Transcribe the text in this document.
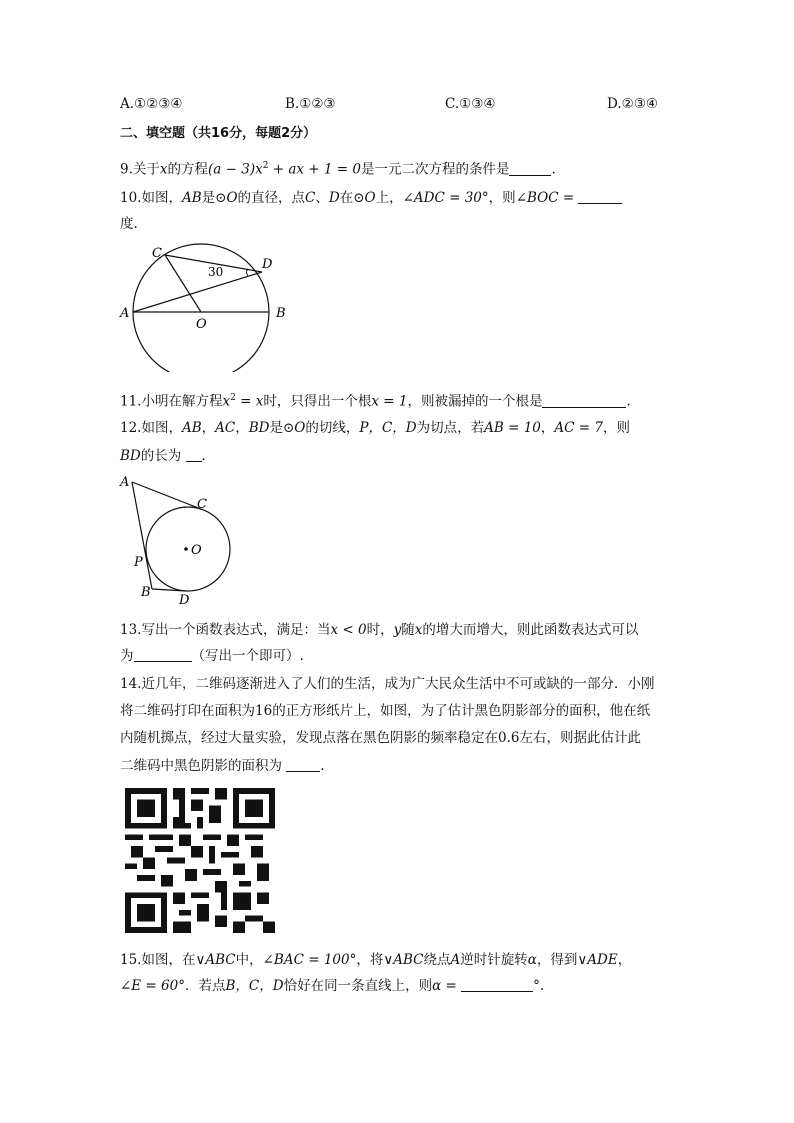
A.①②③④	B.①②③	C.①③④	D.②③④
二、填空题（共16分，每题2分）
9.关于x的方程$(a - 3)x^2$ + ax + 1 = 0是一元二次方程的条件是	.
10.如图，AB是⊙O的直径，点C、D在⊙O上，∠ADC = 30°，则∠BOC =
度.
C
D
A	B
O
30
11.小明在解方程$x^2 = x$时，只得出一个根x = 1，则被漏掉的一个根是	.
12.如图，AB，AC，BD是⊙O的切线，P，C，D为切点，若AB = 10，AC = 7，则
BD的长为 .
A
C
O
P
B
D
13.写出一个函数表达式，满足：当x < 0时，y随x的增大而增大，则此函数表达式可以
为	（写出一个即可）.
14.近几年，二维码逐渐进入了人们的生活，成为广大民众生活中不可或缺的一部分．小刚
将二维码打印在面积为16的正方形纸片上，如图，为了估计黑色阴影部分的面积，他在纸
内随机掷点，经过大量实验，发现点落在黑色阴影的频率稳定在0.6左右，则据此估计此
二维码中黑色阴影的面积为	.
15.如图，在∨ABC中，∠BAC = 100°，将∨ABC绕点A逆时针旋转α，得到∨ADE，
∠E = 60°．若点B，C，D恰好在同一条直线上，则α =	°.
